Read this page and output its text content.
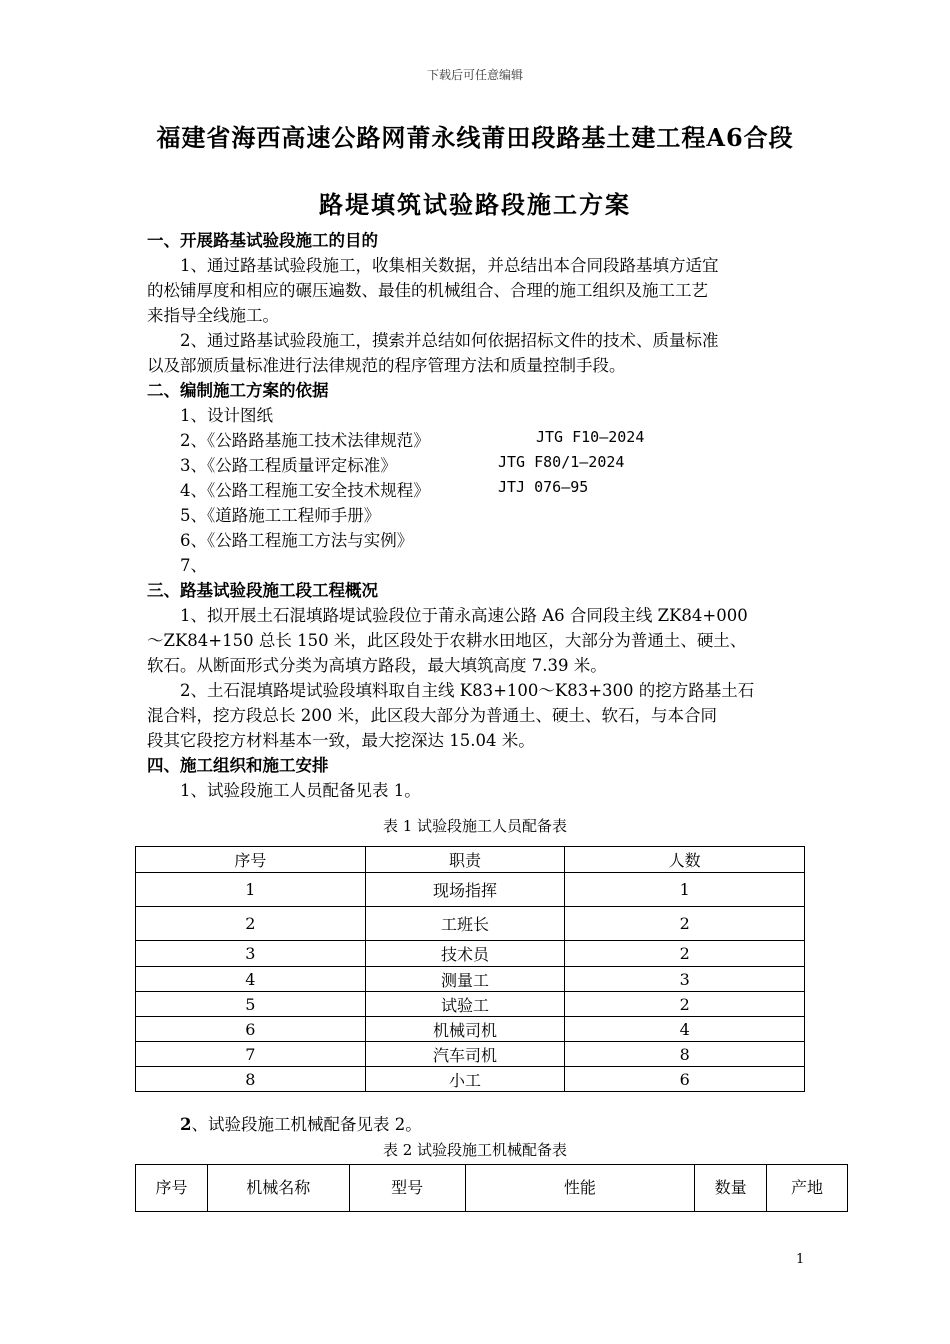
下载后可任意编辑
福建省海西高速公路网莆永线莆田段路基土建工程A6合段
路堤填筑试验路段施工方案
一、开展路基试验段施工的目的
1、通过路基试验段施工，收集相关数据，并总结出本合同段路基填方适宜
的松铺厚度和相应的碾压遍数、最佳的机械组合、合理的施工组织及施工工艺
来指导全线施工。
2、通过路基试验段施工，摸索并总结如何依据招标文件的技术、质量标准
以及部颁质量标准进行法律规范的程序管理方法和质量控制手段。
二、编制施工方案的依据
1、设计图纸
2、《公路路基施工技术法律规范》	JTG F10—2024
3、《公路工程质量评定标准》	JTG F80/1—2024
4、《公路工程施工安全技术规程》	JTJ 076—95
5、《道路施工工程师手册》
6、《公路工程施工方法与实例》
7、
三、路基试验段施工段工程概况
1、拟开展土石混填路堤试验段位于莆永高速公路 A6 合同段主线 ZK84+000
～ZK84+150 总长 150 米，此区段处于农耕水田地区，大部分为普通土、硬土、
软石。从断面形式分类为高填方路段，最大填筑高度 7.39 米。
2、土石混填路堤试验段填料取自主线 K83+100～K83+300 的挖方路基土石
混合料，挖方段总长 200 米，此区段大部分为普通土、硬土、软石，与本合同
段其它段挖方材料基本一致，最大挖深达 15.04 米。
四、施工组织和施工安排
1、试验段施工人员配备见表 1。
表 1 试验段施工人员配备表
序号	职责	人数
1	现场指挥	1
2	工班长	2
3	技术员	2
4	测量工	3
5	试验工	2
6	机械司机	4
7	汽车司机	8
8	小工	6
2、试验段施工机械配备见表 2。
表 2 试验段施工机械配备表
序号	机械名称	型号	性能	数量	产地
1
